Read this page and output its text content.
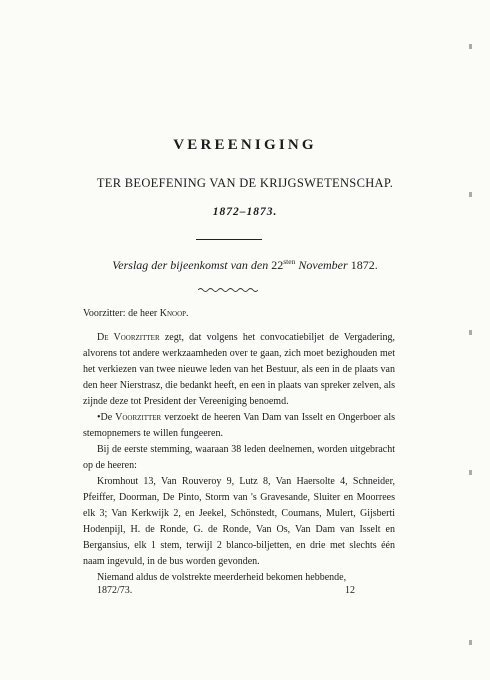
VEREENIGING
TER BEOEFENING VAN DE KRIJGSWETENSCHAP.
1872–1873.
Verslag der bijeenkomst van den $22^{sten}$ November 1872.

Voorzitter: de heer Knoop.

De Voorzitter zegt, dat volgens het convocatiebiljet de Vergadering, alvorens tot andere werkzaamheden over te gaan, zich moet bezighouden met het verkiezen van twee nieuwe leden van het Bestuur, als een in de plaats van den heer Nierstrasz, die bedankt heeft, en een in plaats van spreker zelven, als zijnde deze tot President der Vereeniging benoemd.

•De Voorzitter verzoekt de heeren Van Dam van Isselt en Ongerboer als stemopnemers te willen fungeeren.

Bij de eerste stemming, waaraan 38 leden deelnemen, worden uitgebracht op de heeren:

Kromhout 13, Van Rouveroy 9, Lutz 8, Van Haersolte 4, Schneider, Pfeiffer, Doorman, De Pinto, Storm van 's Gravesande, Sluiter en Moorrees elk 3; Van Kerkwijk 2, en Jeekel, Schönstedt, Coumans, Mulert, Gijsberti Hodenpijl, H. de Ronde, G. de Ronde, Van Os, Van Dam van Isselt en Bergansius, elk 1 stem, terwijl 2 blanco-biljetten, en drie met slechts één naam ingevuld, in de bus worden gevonden.

Niemand aldus de volstrekte meerderheid bekomen hebbende,

1872/73.	12
